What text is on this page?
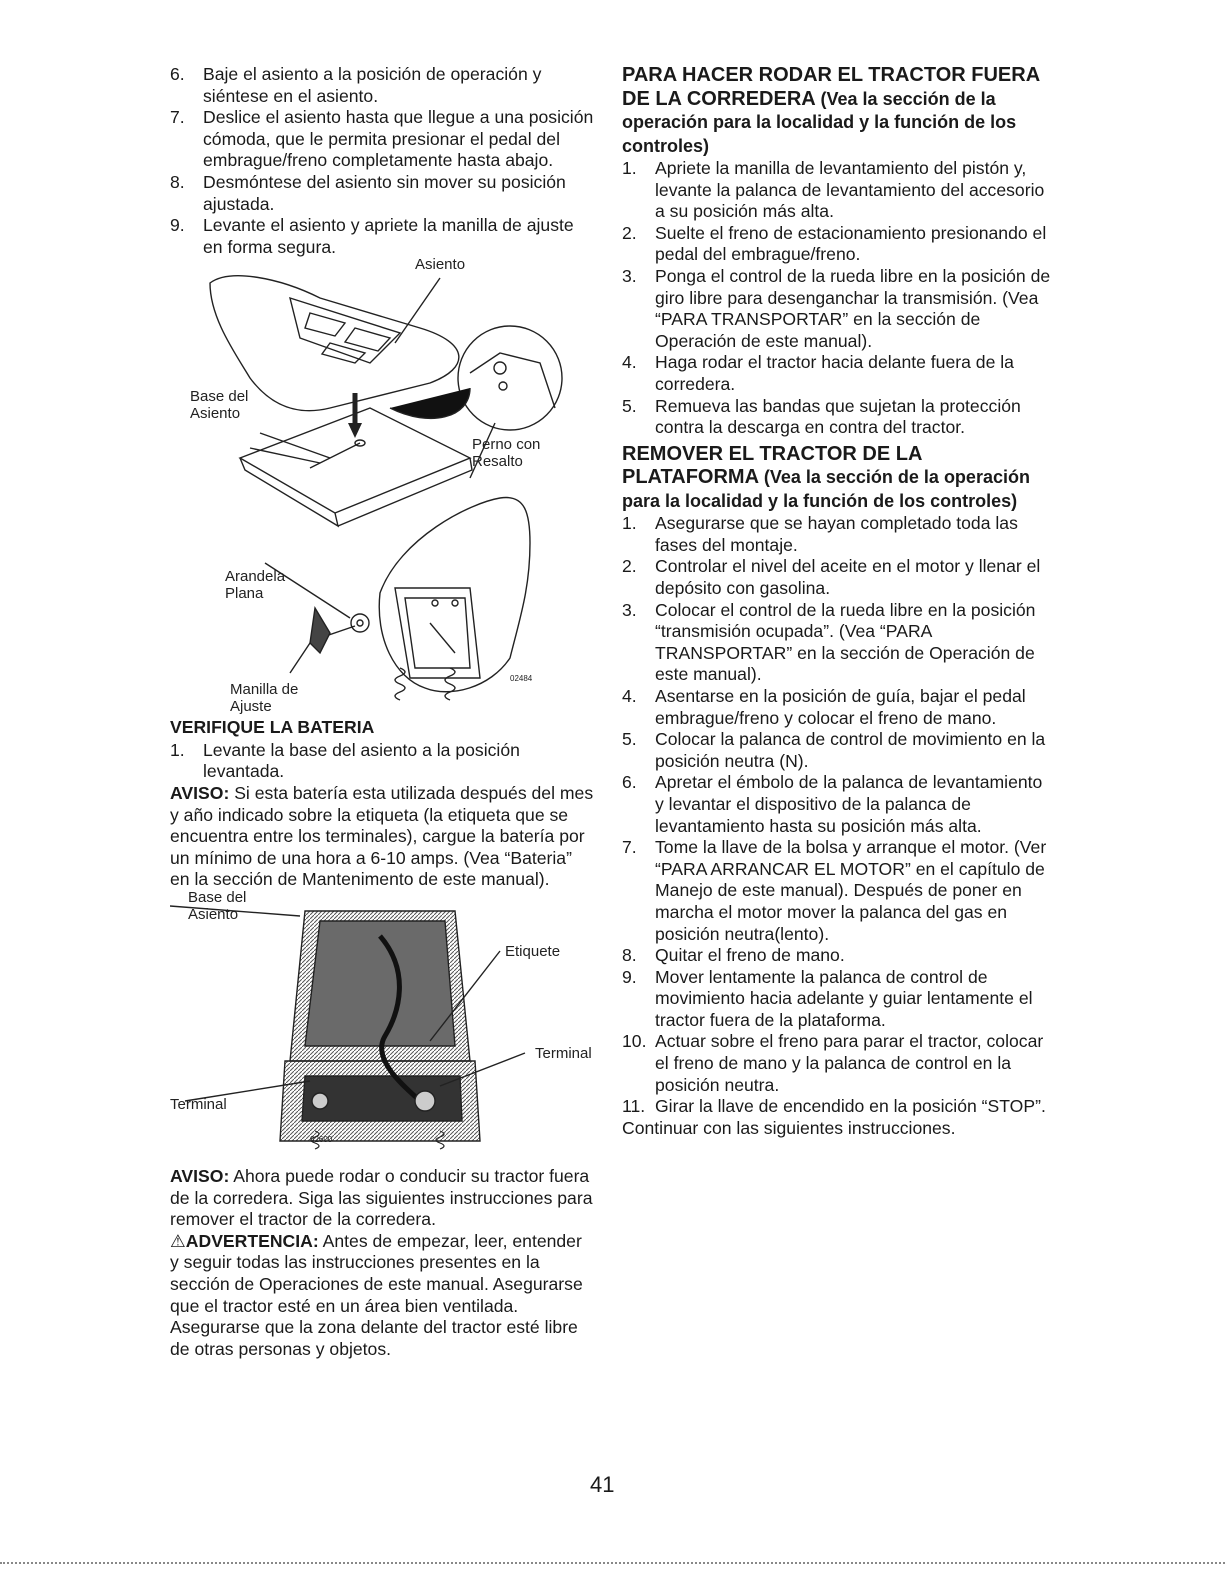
6. Baje el asiento a la posición de operación y siéntese en el asiento.
7. Deslice el asiento hasta que llegue a una posición cómoda, que le permita presionar el pedal del embrague/freno completamente hasta abajo.
8. Desmóntese del asiento sin mover su posición ajustada.
9. Levante el asiento y apriete la manilla de ajuste en forma segura.
Asiento
Base del Asiento
Perno con Resalto
Arandela Plana
Manilla de Ajuste
02484
VERIFIQUE LA BATERIA
1. Levante la base del asiento a la posición levantada.

AVISO: Si esta batería esta utilizada después del mes y año indicado sobre la etiqueta (la etiqueta que se encuentra entre los terminales), cargue la batería por un mínimo de una hora a 6-10 amps. (Vea “Bateria” en la sección de Mantenimento de este manual).

Base del Asiento
Etiquete
Terminal
Terminal
02600

AVISO: Ahora puede rodar o conducir su tractor fuera de la corredera. Siga las siguientes instrucciones para remover el tractor de la corredera.

⚠ADVERTENCIA: Antes de empezar, leer, entender y seguir todas las instrucciones presentes en la sección de Operaciones de este manual. Asegurarse que el tractor esté en un área bien ventilada. Asegurarse que la zona delante del tractor esté libre de otras personas y objetos.

PARA HACER RODAR EL TRACTOR FUERA DE LA CORREDERA (Vea la sección de la operación para la localidad y la función de los controles)
1. Apriete la manilla de levantamiento del pistón y, levante la palanca de levantamiento del accesorio a su posición más alta.
2. Suelte el freno de estacionamiento presionando el pedal del embrague/freno.
3. Ponga el control de la rueda libre en la posición de giro libre para desenganchar la transmisión. (Vea “PARA TRANSPORTAR” en la sección de Operación de este manual).
4. Haga rodar el tractor hacia delante fuera de la corredera.
5. Remueva las bandas que sujetan la protección contra la descarga en contra del tractor.
REMOVER EL TRACTOR DE LA PLATAFORMA (Vea la sección de la operación para la localidad y la función de los controles)
1. Asegurarse que se hayan completado toda las fases del montaje.
2. Controlar el nivel del aceite en el motor y llenar el depósito con gasolina.
3. Colocar el control de la rueda libre en la posición “transmisión ocupada”. (Vea “PARA TRANSPORTAR” en la sección de Operación de este manual).
4. Asentarse en la posición de guía, bajar el pedal embrague/freno y colocar el freno de mano.
5. Colocar la palanca de control de movimiento en la posición neutra (N).
6. Apretar el émbolo de la palanca de levantamiento y levantar el dispositivo de la palanca de levantamiento hasta su posición más alta.
7. Tome la llave de la bolsa y arranque el motor. (Ver “PARA ARRANCAR EL MOTOR” en el capítulo de Manejo de este manual). Después de poner en marcha el motor mover la palanca del gas en posición neutra(lento).
8. Quitar el freno de mano.
9. Mover lentamente la palanca de control de movimiento hacia adelante y guiar lentamente el tractor fuera de la plataforma.
10. Actuar sobre el freno para parar el tractor, colocar el freno de mano y la palanca de control en la posición neutra.
11. Girar la llave de encendido en la posición “STOP”.

Continuar con las siguientes instrucciones.

41
